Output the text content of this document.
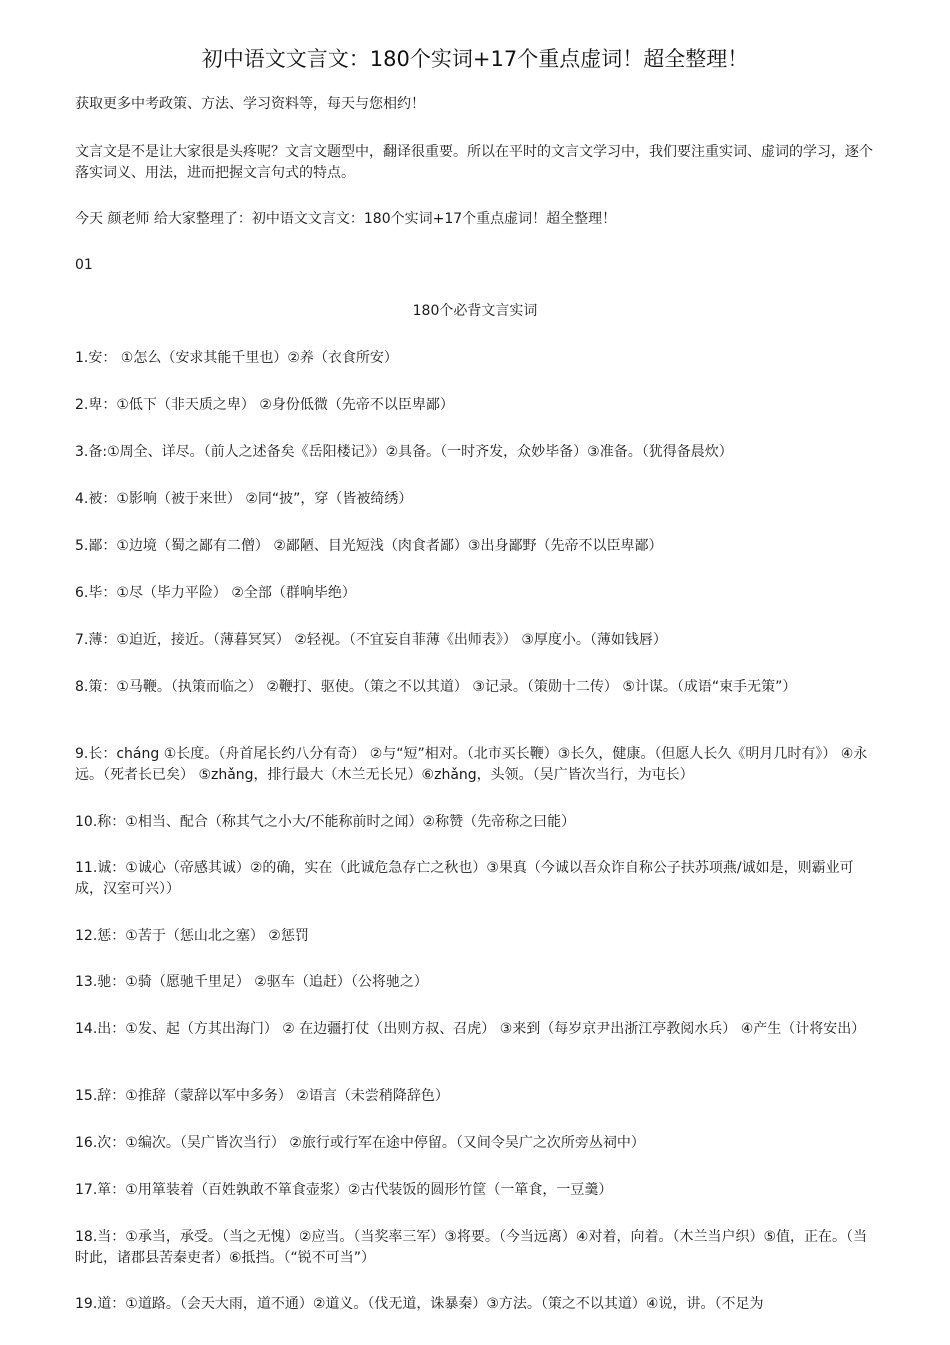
初中语文文言文：180个实词+17个重点虚词！超全整理！
获取更多中考政策、方法、学习资料等，每天与您相约！
文言文是不是让大家很是头疼呢？文言文题型中，翻译很重要。所以在平时的文言文学习中，我们要注重实词、虚词的学习，逐个落实词义、用法，进而把握文言句式的特点。
今天 颜老师 给大家整理了：初中语文文言文：180个实词+17个重点虚词！超全整理！
01
180个必背文言实词
1.安： ①怎么（安求其能千里也）②养（衣食所安）
2.卑：①低下（非天质之卑） ②身份低微（先帝不以臣卑鄙）
3.备:①周全、详尽。（前人之述备矣《岳阳楼记》）②具备。（一时齐发，众妙毕备）③准备。（犹得备晨炊）
4.被：①影响（被于来世） ②同“披”，穿（皆被绮绣）
5.鄙：①边境（蜀之鄙有二僧） ②鄙陋、目光短浅（肉食者鄙）③出身鄙野（先帝不以臣卑鄙）
6.毕：①尽（毕力平险） ②全部（群响毕绝）
7.薄：①迫近，接近。（薄暮冥冥） ②轻视。（不宜妄自菲薄《出师表》） ③厚度小。（薄如钱唇）
8.策：①马鞭。（执策而临之） ②鞭打、驱使。（策之不以其道） ③记录。（策勋十二传） ⑤计谋。（成语“束手无策”）
9.长：cháng ①长度。（舟首尾长约八分有奇） ②与“短”相对。（北市买长鞭）③长久，健康。（但愿人长久《明月几时有》） ④永远。（死者长已矣） ⑤zhǎng，排行最大（木兰无长兄）⑥zhǎng，头领。（吴广皆次当行，为屯长）
10.称：①相当、配合（称其气之小大/不能称前时之闻）②称赞（先帝称之曰能）
11.诚：①诚心（帝感其诚）②的确，实在（此诚危急存亡之秋也）③果真（今诚以吾众诈自称公子扶苏项燕/诚如是，则霸业可成，汉室可兴））
12.惩：①苦于（惩山北之塞） ②惩罚
13.驰：①骑（愿驰千里足） ②驱车（追赶）（公将驰之）
14.出：①发、起（方其出海门） ② 在边疆打仗（出则方叔、召虎） ③来到（每岁京尹出浙江亭教阅水兵） ④产生（计将安出）
15.辞：①推辞（蒙辞以军中多务） ②语言（未尝稍降辞色）
16.次：①编次。（吴广皆次当行） ②旅行或行军在途中停留。（又间令吴广之次所旁丛祠中）
17.箪：①用箪装着（百姓孰敢不箪食壶浆）②古代装饭的圆形竹筐（一箪食，一豆羹）
18.当：①承当，承受。（当之无愧）②应当。（当奖率三军）③将要。（今当远离）④对着，向着。（木兰当户织）⑤值，正在。（当时此，诸郡县苦秦吏者）⑥抵挡。（“锐不可当”）
19.道：①道路。（会天大雨，道不通）②道义。（伐无道，诛暴秦）③方法。（策之不以其道）④说，讲。（不足为
